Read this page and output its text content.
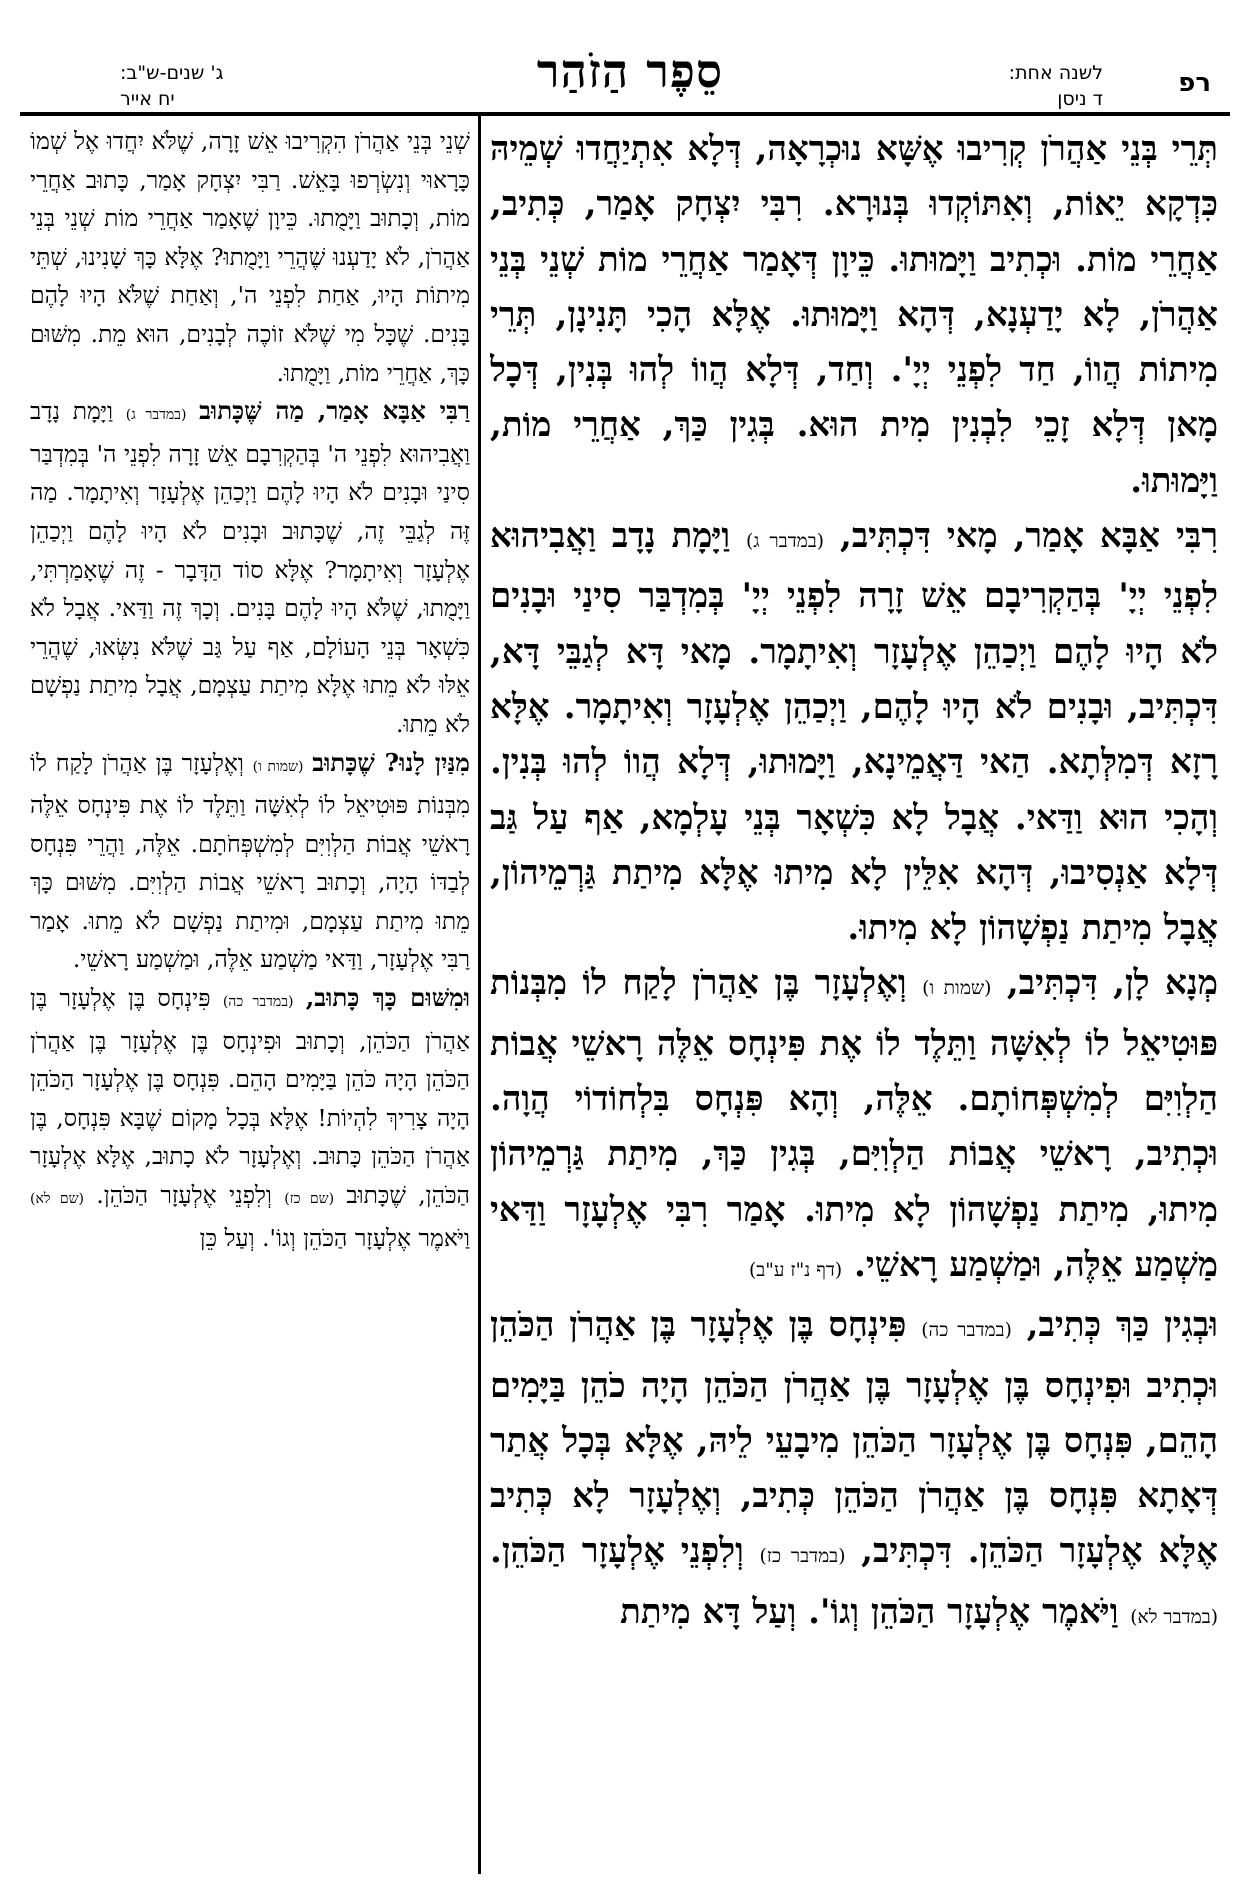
רפ
לשנה אחת:
ד ניסן
סֵפֶר הַזֹהַר
ג' שנים-ש"ב:
יח אייר

תְּרֵי בְּנֵי אַהֲרֹן קְרִיבוּ אֶשָּׁא נוּכְרָאָה, דְּלָא אִתְיַחֲדוּ שְׁמֵיהּ כִּדְקָא יֵאוֹת, וְאִתּוֹקְדוּ בְּנוּרָא. רִבִּי יִצְחָק אָמַר, כְּתִיב, אַחֲרֵי מוֹת. וּכְתִיב וַיָּמוּתוּ. כֵּיוָן דְּאָמַר אַחֲרֵי מוֹת שְׁנֵי בְּנֵי אַהֲרֹן, לָא יָדַעְנָא, דְּהָא וַיָּמוּתוּ. אֶלָּא הָכִי תָּנִינָן, תְּרֵי מִיתוֹת הֲווֹ, חַד לִפְנֵי יְיָ'. וְחַד, דְּלָא הֲווֹ לְהוּ בְּנִין, דְּכָל מָאן דְּלָא זָכֵי לִבְנִין מִית הוּא. בְּגִין כַּךְ, אַחֲרֵי מוֹת, וַיָּמוּתוּ.

רִבִּי אַבָּא אָמַר, מָאי דִּכְתִּיב, (במדבר ג) וַיָּמָת נָדָב וַאֲבִיהוּא לִפְנֵי יְיָ' בְּהַקְרִיבָם אֵשׁ זָרָה לִפְנֵי יְיָ' בְּמִדְבַּר סִינַי וּבָנִים לֹא הָיוּ לָהֶם וַיְכַהֵן אֶלְעָזָר וְאִיתָמָר. מָאי דָּא לְגַבֵּי דָּא, דִּכְתִּיב, וּבָנִים לֹא הָיוּ לָהֶם, וַיְכַהֵן אֶלְעָזָר וְאִיתָמָר. אֶלָּא רָזָא דְּמִלְּתָא. הַאי דַּאֲמֵינָא, וַיָּמוּתוּ, דְּלָא הֲווֹ לְהוּ בְּנִין. וְהָכִי הוּא וַדַּאי. אֲבָל לָא כִּשְׁאָר בְּנֵי עָלְמָא, אַף עַל גַּב דְּלָא אַנְסִיבוּ, דְּהָא אִלֵּין לָא מִיתוּ אֶלָּא מִיתַת גַּרְמֵיהוֹן, אֲבָל מִיתַת נַפְשָׁהוֹן לָא מִיתוּ.

מְנָא לָן, דִּכְתִּיב, (שמות ו) וְאֶלְעָזָר בֶּן אַהֲרֹן לָקַח לוֹ מִבְּנוֹת פּוּטִיאֵל לוֹ לְאִשָּׁה וַתֵּלֶד לוֹ אֶת פִּינְחָס אֵלֶּה רָאשֵׁי אֲבוֹת הַלְוִיִּם לְמִשְׁפְּחוֹתָם. אֵלֶּה, וְהָא פִּנְחָס בִּלְחוֹדוֹי הֲוָה. וּכְתִיב, רָאשֵׁי אֲבוֹת הַלְוִיִּם, בְּגִין כַּךְ, מִיתַת גַּרְמֵיהוֹן מִיתוּ, מִיתַת נַפְשָׁהוֹן לָא מִיתוּ. אָמַר רִבִּי אֶלְעָזָר וַדַּאי מַשְׁמַע אֵלֶּה, וּמַשְׁמַע רָאשֵׁי. (דף נ"ז ע"ב)

וּבְגִין כַּךְ כְּתִיב, (במדבר כה) פִּינְחָס בֶּן אֶלְעָזָר בֶּן אַהֲרֹן הַכֹּהֵן וּכְתִיב וּפִינְחָס בֶּן אֶלְעָזָר בֶּן אַהֲרֹן הַכֹּהֵן הָיָה כֹהֵן בַּיָּמִים הָהֵם, פִּנְחָס בֶּן אֶלְעָזָר הַכֹּהֵן מִיבָעֵי לֵיהּ, אֶלָּא בְּכָל אֲתַר דְּאָתָא פִּנְחָס בֶּן אַהֲרֹן הַכֹּהֵן כְּתִיב, וְאֶלְעָזָר לָא כְּתִיב אֶלָּא אֶלְעָזָר הַכֹּהֵן. דִּכְתִּיב, (במדבר כז) וְלִפְנֵי אֶלְעָזָר הַכֹּהֵן. (במדבר לא) וַיֹּאמֶר אֶלְעָזָר הַכֹּהֵן וְגוֹ'. וְעַל דָּא מִיתַת

שְׁנֵי בְּנֵי אַהֲרֹן הִקְרִיבוּ אֵשׁ זָרָה, שֶׁלֹּא יִחֲדוּ אֶל שְׁמוֹ כָּרָאוּי וְנִשְׂרְפוּ בָּאֵשׁ. רַבִּי יִצְחָק אָמַר, כָּתוּב אַחֲרֵי מוֹת, וְכָתוּב וַיָּמֻתוּ. כֵּיוָן שֶׁאָמַר אַחֲרֵי מוֹת שְׁנֵי בְּנֵי אַהֲרֹן, לֹא יָדַעְנוּ שֶׁהֲרֵי וַיָּמֻתוּ? אֶלָּא כָּךְ שָׁנִינוּ, שְׁתֵּי מִיתוֹת הָיוּ, אַחַת לִפְנֵי ה', וְאַחַת שֶׁלֹּא הָיוּ לָהֶם בָּנִים. שֶׁכָּל מִי שֶׁלֹּא זוֹכֶה לְבָנִים, הוּא מֵת. מִשּׁוּם כָּךְ, אַחֲרֵי מוֹת, וַיָּמֻתוּ.

רַבִּי אַבָּא אָמַר, מַה שֶּׁכָּתוּב (במדבר ג) וַיָּמָת נָדָב וַאֲבִיהוּא לִפְנֵי ה' בְּהַקְרִבָם אֵשׁ זָרָה לִפְנֵי ה' בְּמִדְבַּר סִינַי וּבָנִים לֹא הָיוּ לָהֶם וַיְכַהֵן אֶלְעָזָר וְאִיתָמָר. מַה זֶּה לְגַבֵּי זֶה, שֶׁכָּתוּב וּבָנִים לֹא הָיוּ לָהֶם וַיְכַהֵן אֶלְעָזָר וְאִיתָמָר? אֶלָּא סוֹד הַדָּבָר - זֶה שֶׁאָמַרְתִּי, וַיָּמֻתוּ, שֶׁלֹּא הָיוּ לָהֶם בָּנִים. וְכָךְ זֶה וַדַּאי. אֲבָל לֹא כִּשְׁאָר בְּנֵי הָעוֹלָם, אַף עַל גַּב שֶׁלֹּא נִשְּׂאוּ, שֶׁהֲרֵי אֵלּוּ לֹא מֵתוּ אֶלָּא מִיתַת עַצְמָם, אֲבָל מִיתַת נַפְשָׁם לֹא מֵתוּ.

מִנַּיִן לָנוּ? שֶׁכָּתוּב (שמות ו) וְאֶלְעָזָר בֶּן אַהֲרֹן לָקַח לוֹ מִבְּנוֹת פּוּטִיאֵל לוֹ לְאִשָּׁה וַתֵּלֶד לוֹ אֶת פִּינְחָס אֵלֶּה רָאשֵׁי אֲבוֹת הַלְוִיִּם לְמִשְׁפְּחֹתָם. אֵלֶּה, וַהֲרֵי פִּנְחָס לְבַדּוֹ הָיָה, וְכָתוּב רָאשֵׁי אֲבוֹת הַלְוִיִּם. מִשּׁוּם כָּךְ מֵתוּ מִיתַת עַצְמָם, וּמִיתַת נַפְשָׁם לֹא מֵתוּ. אָמַר רַבִּי אֶלְעָזָר, וַדַּאי מַשְׁמַע אֵלֶּה, וּמַשְׁמַע רָאשֵׁי.

וּמִשּׁוּם כָּךְ כָּתוּב, (במדבר כה) פִּינְחָס בֶּן אֶלְעָזָר בֶּן אַהֲרֹן הַכֹּהֵן, וְכָתוּב וּפִינְחָס בֶּן אֶלְעָזָר בֶּן אַהֲרֹן הַכֹּהֵן הָיָה כֹּהֵן בַּיָּמִים הָהֵם. פִּנְחָס בֶּן אֶלְעָזָר הַכֹּהֵן הָיָה צָרִיךְ לִהְיוֹת! אֶלָּא בְּכָל מָקוֹם שֶׁבָּא פִּנְחָס, בֶּן אַהֲרֹן הַכֹּהֵן כָּתוּב. וְאֶלְעָזָר לֹא כָתוּב, אֶלָּא אֶלְעָזָר הַכֹּהֵן, שֶׁכָּתוּב (שם כז) וְלִפְנֵי אֶלְעָזָר הַכֹּהֵן. (שם לא) וַיֹּאמֶר אֶלְעָזָר הַכֹּהֵן וְגוֹ'. וְעַל כֵּן
